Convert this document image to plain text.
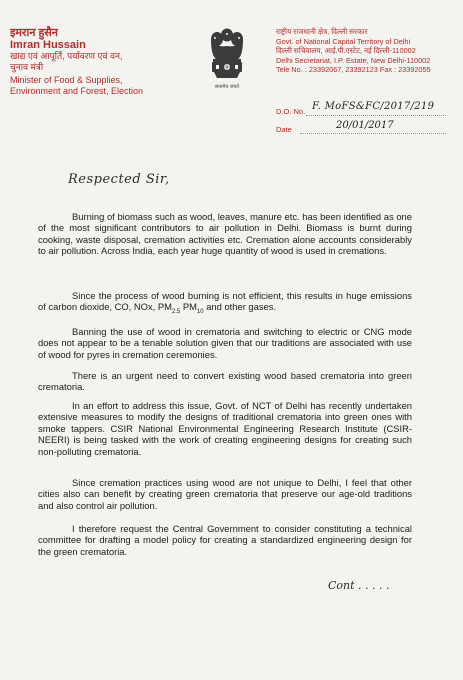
इमरान हुसैन
Imran Hussain
खाद्य एवं आपूर्ति, पर्यावरण एवं वन,
चुनाव मंत्री
Minister of Food & Supplies,
Environment and Forest, Election	सत्यमेव जयते
राष्ट्रीय राजधानी क्षेत्र, दिल्ली सरकार
Govt. of National Capital Territory of Delhi
दिल्ली सचिवालय, आई.पी.एस्टेट, नई दिल्ली-110002
Delhi Secretariat, I.P. Estate, New Delhi-110002
Tele No. : 23392067, 23392123 Fax : 23392055
D.O. No. F. MoFS&FC/2017/219
Date	20/01/2017
Respected Sir,
Burning of biomass such as wood, leaves, manure etc. has been identified as one of the most significant contributors to air pollution in Delhi. Biomass is burnt during cooking, waste disposal, cremation activities etc. Cremation alone accounts considerably to air pollution. Across India, each year huge quantity of wood is used in cremations.
Since the process of wood burning is not efficient, this results in huge emissions of carbon dioxide, CO, NOx, $PM_{2.5}$ $PM_{10}$ and other gases.
Banning the use of wood in crematoria and switching to electric or CNG mode does not appear to be a tenable solution given that our traditions are associated with use of wood for pyres in cremation ceremonies.
There is an urgent need to convert existing wood based crematoria into green crematoria.
In an effort to address this issue, Govt. of NCT of Delhi has recently undertaken extensive measures to modify the designs of traditional crematoria into green ones with smoke tappers. CSIR National Environmental Engineering Research Institute (CSIR-NEERI) is being tasked with the work of creating engineering designs for creating such non-polluting crematoria.
Since cremation practices using wood are not unique to Delhi, I feel that other cities also can benefit by creating green crematoria that preserve our age-old traditions and also control air pollution.
I therefore request the Central Government to consider constituting a technical committee for drafting a model policy for creating a standardized engineering design for the green crematoria.
Cont . . . . .
